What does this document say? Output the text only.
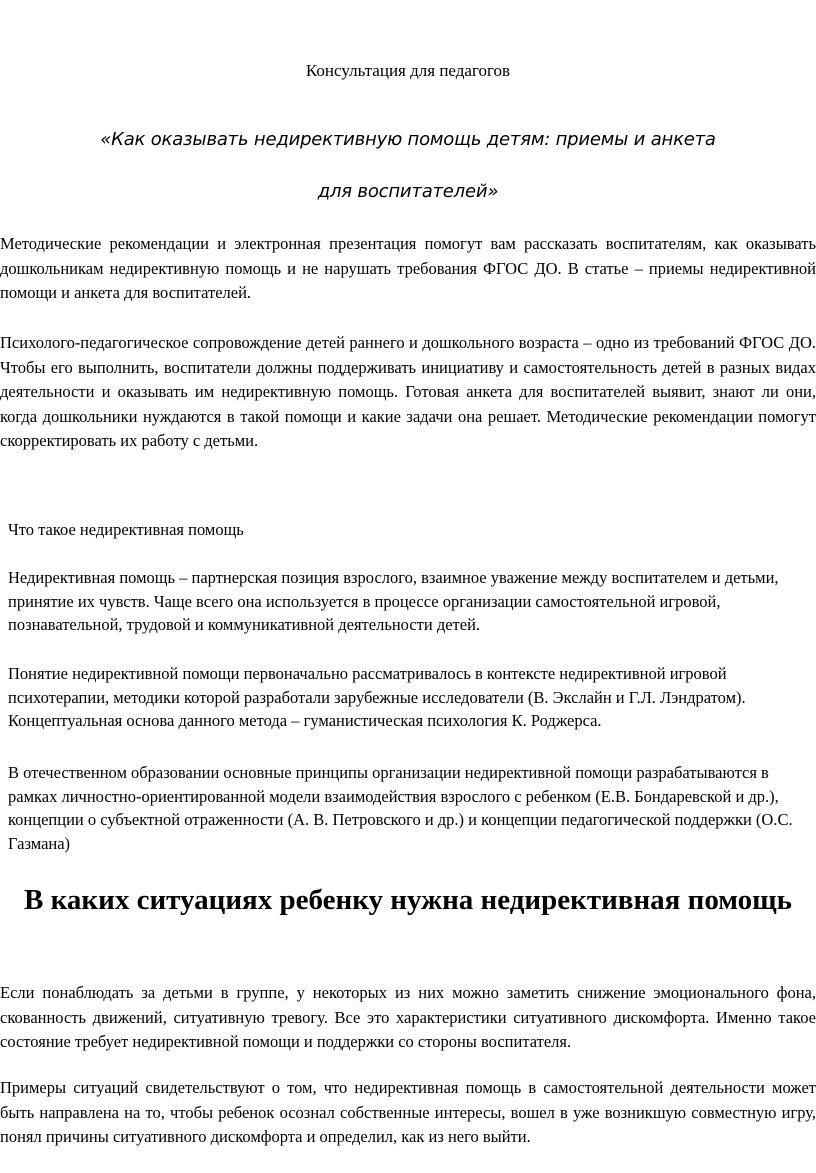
Консультация для педагогов
«Как оказывать недирективную помощь детям: приемы и анкета
для воспитателей»

Методические рекомендации и электронная презентация помогут вам рассказать воспитателям, как оказывать дошкольникам недирективную помощь и не нарушать требования ФГОС ДО. В статье – приемы недирективной помощи и анкета для воспитателей.

Психолого-педагогическое сопровождение детей раннего и дошкольного возраста – одно из требований ФГОС ДО. Чтобы его выполнить, воспитатели должны поддерживать инициативу и самостоятельность детей в разных видах деятельности и оказывать им недирективную помощь. Готовая анкета для воспитателей выявит, знают ли они, когда дошкольники нуждаются в такой помощи и какие задачи она решает. Методические рекомендации помогут скорректировать их работу с детьми.

Что такое недирективная помощь

Недирективная помощь – партнерская позиция взрослого, взаимное уважение между воспитателем и детьми, принятие их чувств. Чаще всего она используется в процессе организации самостоятельной игровой, познавательной, трудовой и коммуникативной деятельности детей.

Понятие недирективной помощи первоначально рассматривалось в контексте недирективной игровой психотерапии, методики которой разработали зарубежные исследователи (В. Экслайн и Г.Л. Лэндратом). Концептуальная основа данного метода – гуманистическая психология К. Роджерса.

В отечественном образовании основные принципы организации недирективной помощи разрабатываются в рамках личностно-ориентированной модели взаимодействия взрослого с ребенком (Е.В. Бондаревской и др.), концепции о субъектной отраженности (А. В. Петровского и др.) и концепции педагогической поддержки (О.С. Газмана)

В каких ситуациях ребенку нужна недирективная помощь

Если понаблюдать за детьми в группе, у некоторых из них можно заметить снижение эмоционального фона, скованность движений, ситуативную тревогу. Все это характеристики ситуативного дискомфорта. Именно такое состояние требует недирективной помощи и поддержки со стороны воспитателя.

Примеры ситуаций свидетельствуют о том, что недирективная помощь в самостоятельной деятельности может быть направлена на то, чтобы ребенок осознал собственные интересы, вошел в уже возникшую совместную игру, понял причины ситуативного дискомфорта и определил, как из него выйти.
